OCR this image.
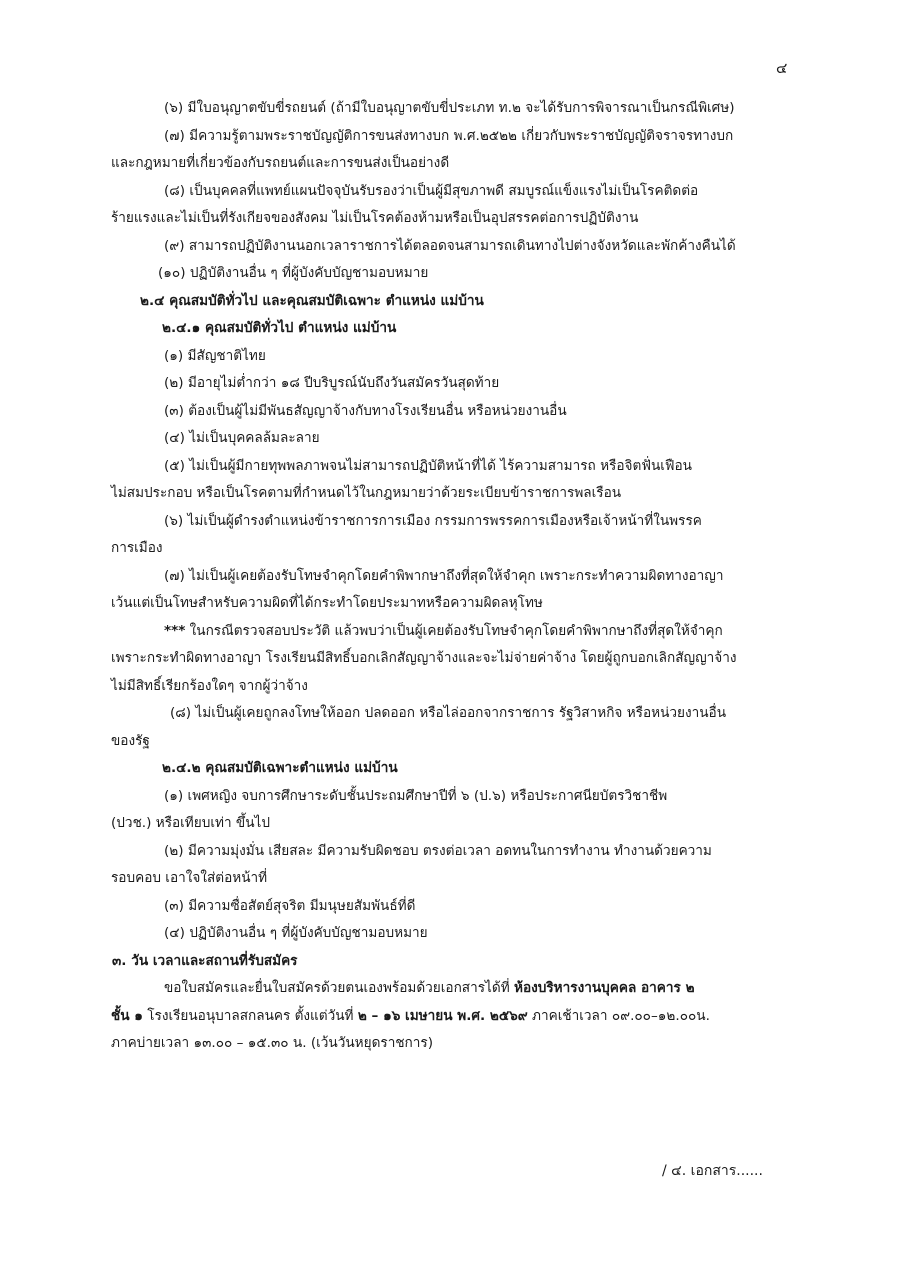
๔
(๖) มีใบอนุญาตขับขี่รถยนต์ (ถ้ามีใบอนุญาตขับขี่ประเภท ท.๒ จะได้รับการพิจารณาเป็นกรณีพิเศษ)
(๗) มีความรู้ตามพระราชบัญญัติการขนส่งทางบก พ.ศ.๒๕๒๒ เกี่ยวกับพระราชบัญญัติจราจรทางบก
และกฎหมายที่เกี่ยวข้องกับรถยนต์และการขนส่งเป็นอย่างดี
(๘) เป็นบุคคลที่แพทย์แผนปัจจุบันรับรองว่าเป็นผู้มีสุขภาพดี สมบูรณ์แข็งแรงไม่เป็นโรคติดต่อ
ร้ายแรงและไม่เป็นที่รังเกียจของสังคม ไม่เป็นโรคต้องห้ามหรือเป็นอุปสรรคต่อการปฏิบัติงาน
(๙) สามารถปฏิบัติงานนอกเวลาราชการได้ตลอดจนสามารถเดินทางไปต่างจังหวัดและพักค้างคืนได้
(๑๐) ปฏิบัติงานอื่น ๆ ที่ผู้บังคับบัญชามอบหมาย
๒.๔ คุณสมบัติทั่วไป และคุณสมบัติเฉพาะ ตำแหน่ง แม่บ้าน
๒.๔.๑ คุณสมบัติทั่วไป ตำแหน่ง แม่บ้าน
(๑) มีสัญชาติไทย
(๒) มีอายุไม่ต่ำกว่า ๑๘ ปีบริบูรณ์นับถึงวันสมัครวันสุดท้าย
(๓) ต้องเป็นผู้ไม่มีพันธสัญญาจ้างกับทางโรงเรียนอื่น หรือหน่วยงานอื่น
(๔) ไม่เป็นบุคคลล้มละลาย
(๕) ไม่เป็นผู้มีกายทุพพลภาพจนไม่สามารถปฏิบัติหน้าที่ได้ ไร้ความสามารถ หรือจิตฟั่นเฟือน
ไม่สมประกอบ หรือเป็นโรคตามที่กำหนดไว้ในกฎหมายว่าด้วยระเบียบข้าราชการพลเรือน
(๖) ไม่เป็นผู้ดำรงตำแหน่งข้าราชการการเมือง กรรมการพรรคการเมืองหรือเจ้าหน้าที่ในพรรค
การเมือง
(๗) ไม่เป็นผู้เคยต้องรับโทษจำคุกโดยคำพิพากษาถึงที่สุดให้จำคุก เพราะกระทำความผิดทางอาญา
เว้นแต่เป็นโทษสำหรับความผิดที่ได้กระทำโดยประมาทหรือความผิดลหุโทษ
*** ในกรณีตรวจสอบประวัติ แล้วพบว่าเป็นผู้เคยต้องรับโทษจำคุกโดยคำพิพากษาถึงที่สุดให้จำคุก
เพราะกระทำผิดทางอาญา โรงเรียนมีสิทธิ์บอกเลิกสัญญาจ้างและจะไม่จ่ายค่าจ้าง โดยผู้ถูกบอกเลิกสัญญาจ้าง
ไม่มีสิทธิ์เรียกร้องใดๆ จากผู้ว่าจ้าง
(๘) ไม่เป็นผู้เคยถูกลงโทษให้ออก ปลดออก หรือไล่ออกจากราชการ รัฐวิสาหกิจ หรือหน่วยงานอื่น
ของรัฐ
๒.๔.๒ คุณสมบัติเฉพาะตำแหน่ง แม่บ้าน
(๑) เพศหญิง จบการศึกษาระดับชั้นประถมศึกษาปีที่ ๖ (ป.๖) หรือประกาศนียบัตรวิชาชีพ
(ปวช.) หรือเทียบเท่า ขึ้นไป
(๒) มีความมุ่งมั่น เสียสละ มีความรับผิดชอบ ตรงต่อเวลา อดทนในการทำงาน ทำงานด้วยความ
รอบคอบ เอาใจใส่ต่อหน้าที่
(๓) มีความซื่อสัตย์สุจริต มีมนุษยสัมพันธ์ที่ดี
(๔) ปฏิบัติงานอื่น ๆ ที่ผู้บังคับบัญชามอบหมาย
๓. วัน เวลาและสถานที่รับสมัคร
ขอใบสมัครและยื่นใบสมัครด้วยตนเองพร้อมด้วยเอกสารได้ที่ ห้องบริหารงานบุคคล อาคาร ๒
ชั้น ๑ โรงเรียนอนุบาลสกลนคร ตั้งแต่วันที่ ๒ – ๑๖ เมษายน พ.ศ. ๒๕๖๙ ภาคเช้าเวลา ๐๙.๐๐–๑๒.๐๐น.
ภาคบ่ายเวลา ๑๓.๐๐ – ๑๕.๓๐ น. (เว้นวันหยุดราชการ)
/ ๔. เอกสาร......
